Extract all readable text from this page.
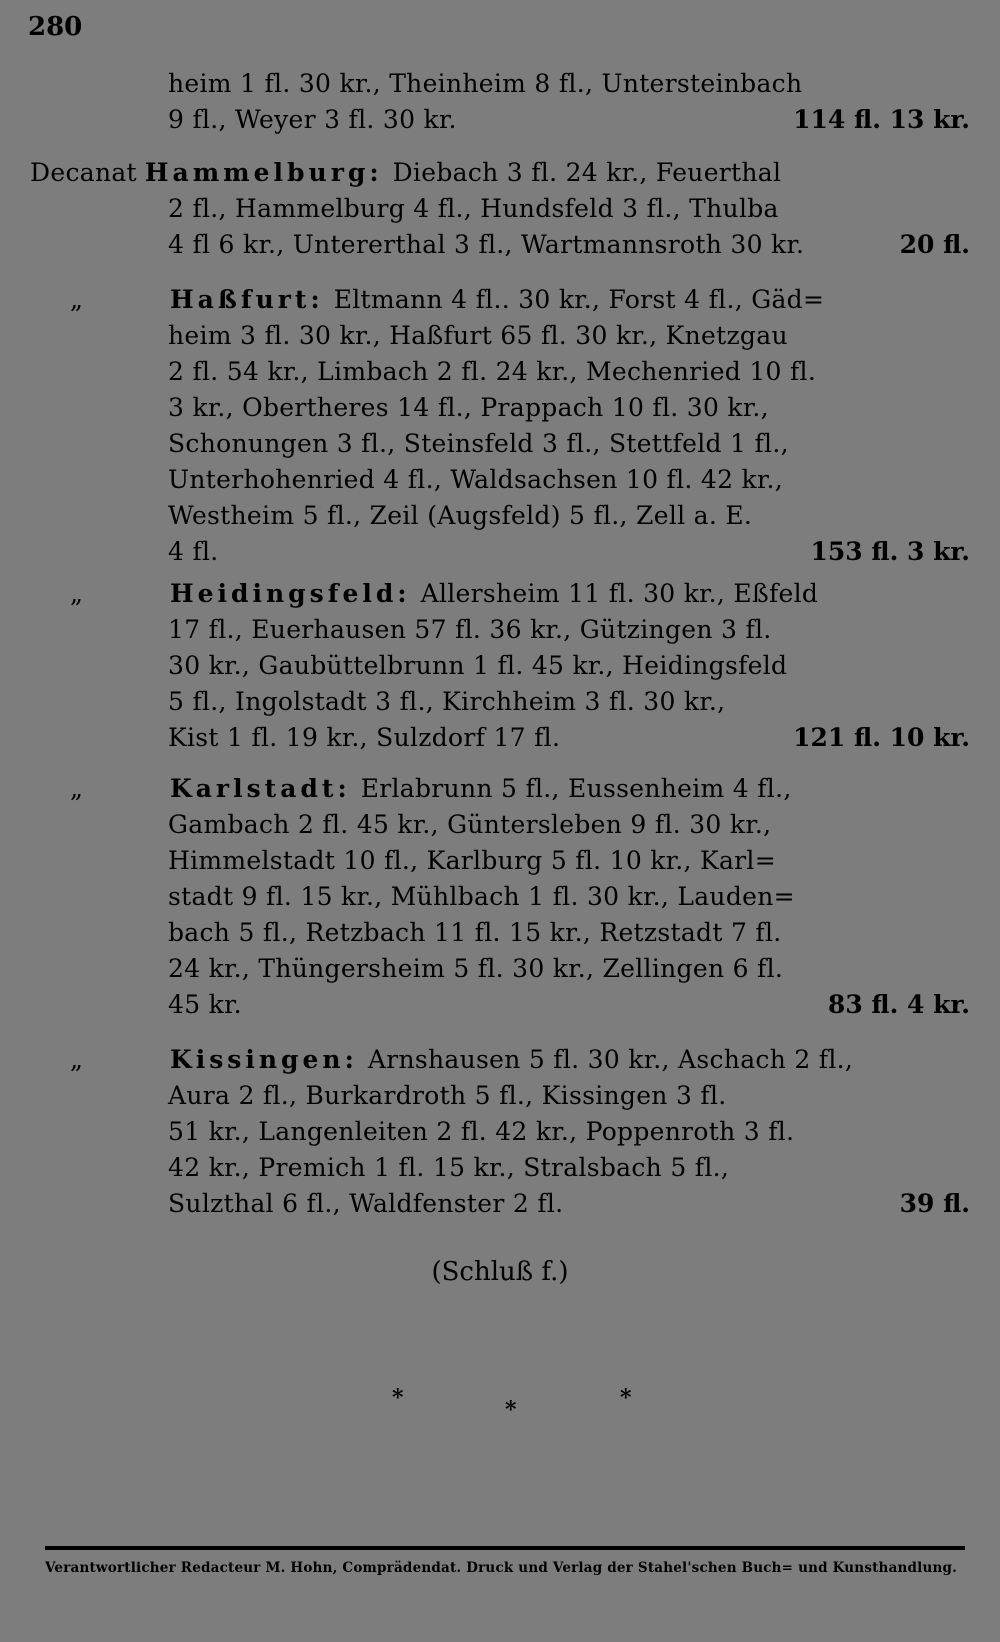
280
heim 1 fl. 30 kr., Theinheim 8 fl., Untersteinbach
9 fl., Weyer 3 fl. 30 kr.	114 fl. 13 kr.
Decanat Hammelburg: Diebach 3 fl. 24 kr., Feuerthal
2 fl., Hammelburg 4 fl., Hundsfeld 3 fl., Thulba
4 fl 6 kr., Untererthal 3 fl., Wartmannsroth 30 kr.	20 fl.
„	Haßfurt: Eltmann 4 fl.. 30 kr., Forst 4 fl., Gäd=
heim 3 fl. 30 kr., Haßfurt 65 fl. 30 kr., Knetzgau
2 fl. 54 kr., Limbach 2 fl. 24 kr., Mechenried 10 fl.
3 kr., Obertheres 14 fl., Prappach 10 fl. 30 kr.,
Schonungen 3 fl., Steinsfeld 3 fl., Stettfeld 1 fl.,
Unterhohenried 4 fl., Waldsachsen 10 fl. 42 kr.,
Westheim 5 fl., Zeil (Augsfeld) 5 fl., Zell a. E.
4 fl.	153 fl. 3 kr.
„	Heidingsfeld: Allersheim 11 fl. 30 kr., Eßfeld
17 fl., Euerhausen 57 fl. 36 kr., Gützingen 3 fl.
30 kr., Gaubüttelbrunn 1 fl. 45 kr., Heidingsfeld
5 fl., Ingolstadt 3 fl., Kirchheim 3 fl. 30 kr.,
Kist 1 fl. 19 kr., Sulzdorf 17 fl.	121 fl. 10 kr.
„	Karlstadt: Erlabrunn 5 fl., Eussenheim 4 fl.,
Gambach 2 fl. 45 kr., Güntersleben 9 fl. 30 kr.,
Himmelstadt 10 fl., Karlburg 5 fl. 10 kr., Karl=
stadt 9 fl. 15 kr., Mühlbach 1 fl. 30 kr., Lauden=
bach 5 fl., Retzbach 11 fl. 15 kr., Retzstadt 7 fl.
24 kr., Thüngersheim 5 fl. 30 kr., Zellingen 6 fl.
45 kr.	83 fl. 4 kr.
„	Kissingen: Arnshausen 5 fl. 30 kr., Aschach 2 fl.,
Aura 2 fl., Burkardroth 5 fl., Kissingen 3 fl.
51 kr., Langenleiten 2 fl. 42 kr., Poppenroth 3 fl.
42 kr., Premich 1 fl. 15 kr., Stralsbach 5 fl.,
Sulzthal 6 fl., Waldfenster 2 fl.	39 fl.
(Schluß f.)
*	*	*
Verantwortlicher Redacteur M. Hohn, Comprädendat. Druck und Verlag der Stahel'schen Buch= und Kunsthandlung.
